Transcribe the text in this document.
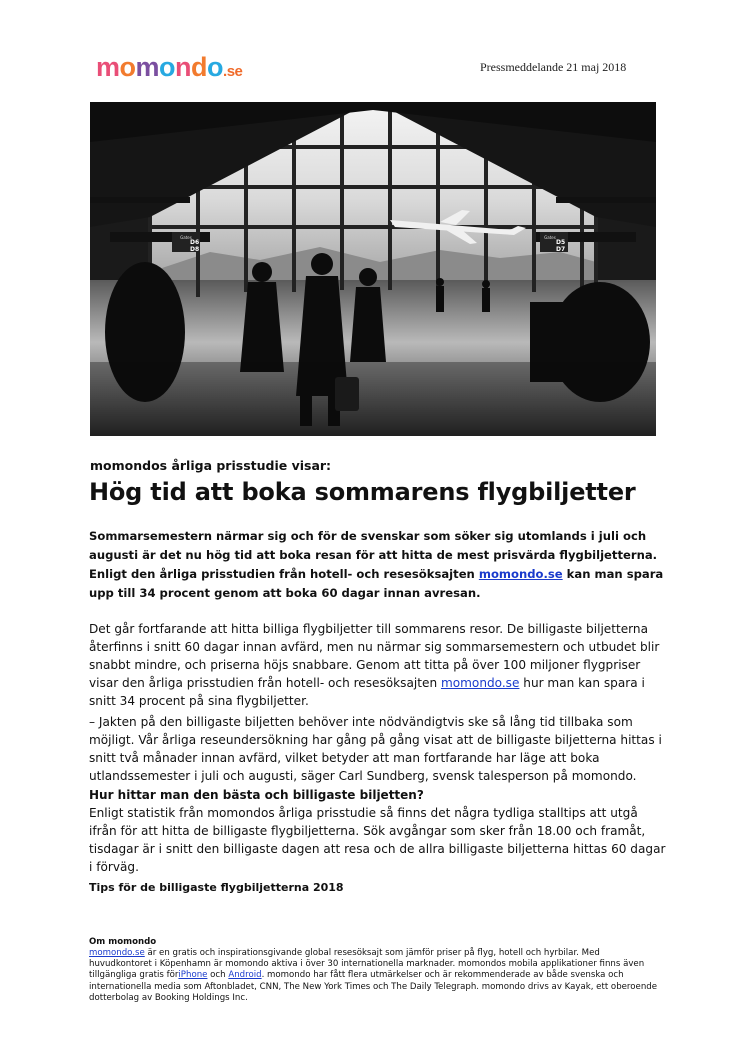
momondo.se	Pressmeddelande 21 maj 2018
Gates
D6
D8
Gates
D5
D7
momondos årliga prisstudie visar:
Hög tid att boka sommarens flygbiljetter

Sommarsemestern närmar sig och för de svenskar som söker sig utomlands i juli och augusti är det nu hög tid att boka resan för att hitta de mest prisvärda flygbiljetterna. Enligt den årliga prisstudien från hotell- och resesöksajten momondo.se kan man spara upp till 34 procent genom att boka 60 dagar innan avresan.

Det går fortfarande att hitta billiga flygbiljetter till sommarens resor. De billigaste biljetterna återfinns i snitt 60 dagar innan avfärd, men nu närmar sig sommarsemestern och utbudet blir snabbt mindre, och priserna höjs snabbare. Genom att titta på över 100 miljoner flygpriser visar den årliga prisstudien från hotell- och resesöksajten momondo.se hur man kan spara i snitt 34 procent på sina flygbiljetter.

– Jakten på den billigaste biljetten behöver inte nödvändigtvis ske så lång tid tillbaka som möjligt. Vår årliga reseundersökning har gång på gång visat att de billigaste biljetterna hittas i snitt två månader innan avfärd, vilket betyder att man fortfarande har läge att boka utlandssemester i juli och augusti, säger Carl Sundberg, svensk talesperson på momondo.

Hur hittar man den bästa och billigaste biljetten?

Enligt statistik från momondos årliga prisstudie så finns det några tydliga stalltips att utgå ifrån för att hitta de billigaste flygbiljetterna. Sök avgångar som sker från 18.00 och framåt, tisdagar är i snitt den billigaste dagen att resa och de allra billigaste biljetterna hittas 60 dagar i förväg.

Tips för de billigaste flygbiljetterna 2018
Om momondo

momondo.se är en gratis och inspirationsgivande global resesöksajt som jämför priser på flyg, hotell och hyrbilar. Med huvudkontoret i Köpenhamn är momondo aktiva i över 30 internationella marknader. momondos mobila applikationer finns även tillgängliga gratis föriPhone och Android. momondo har fått flera utmärkelser och är rekommenderade av både svenska och internationella media som Aftonbladet, CNN, The New York Times och The Daily Telegraph. momondo drivs av Kayak, ett oberoende dotterbolag av Booking Holdings Inc.
